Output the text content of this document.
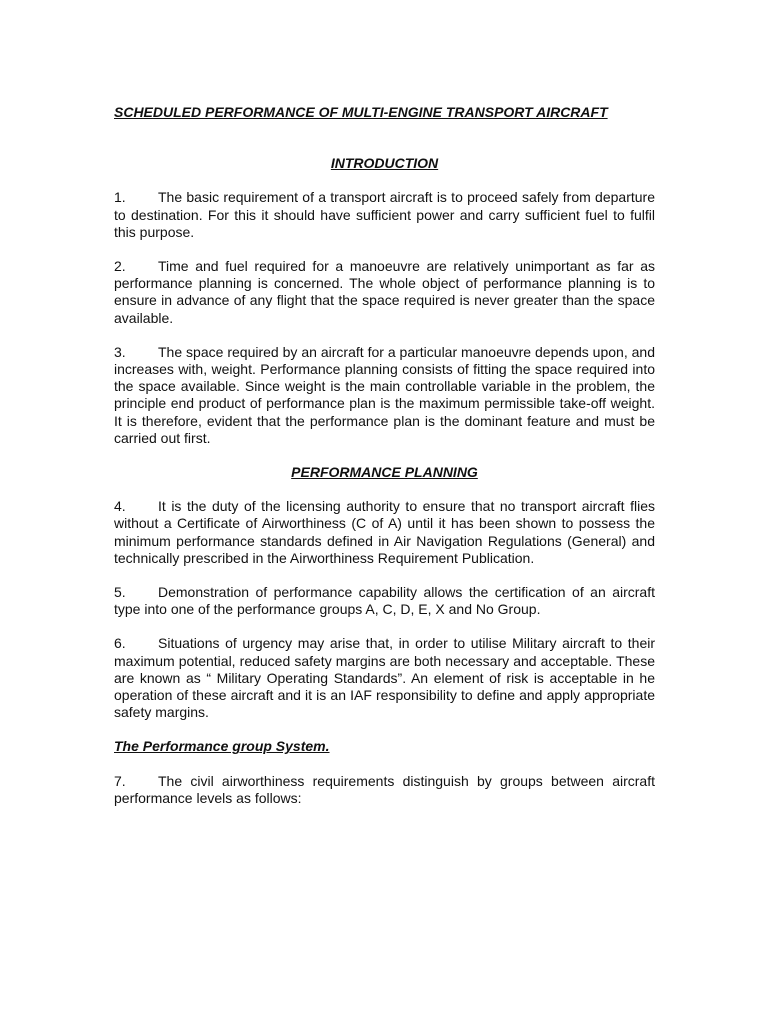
SCHEDULED PERFORMANCE OF MULTI-ENGINE TRANSPORT AIRCRAFT
INTRODUCTION
1. The basic requirement of a transport aircraft is to proceed safely from departure to destination. For this it should have sufficient power and carry sufficient fuel to fulfil this purpose.
2. Time and fuel required for a manoeuvre are relatively unimportant as far as performance planning is concerned. The whole object of performance planning is to ensure in advance of any flight that the space required is never greater than the space available.
3. The space required by an aircraft for a particular manoeuvre depends upon, and increases with, weight. Performance planning consists of fitting the space required into the space available. Since weight is the main controllable variable in the problem, the principle end product of performance plan is the maximum permissible take-off weight. It is therefore, evident that the performance plan is the dominant feature and must be carried out first.
PERFORMANCE PLANNING
4. It is the duty of the licensing authority to ensure that no transport aircraft flies without a Certificate of Airworthiness (C of A) until it has been shown to possess the minimum performance standards defined in Air Navigation Regulations (General) and technically prescribed in the Airworthiness Requirement Publication.
5. Demonstration of performance capability allows the certification of an aircraft type into one of the performance groups A, C, D, E, X and No Group.
6. Situations of urgency may arise that, in order to utilise Military aircraft to their maximum potential, reduced safety margins are both necessary and acceptable. These are known as “ Military Operating Standards”. An element of risk is acceptable in he operation of these aircraft and it is an IAF responsibility to define and apply appropriate safety margins.
The Performance group System.
7. The civil airworthiness requirements distinguish by groups between aircraft performance levels as follows:
